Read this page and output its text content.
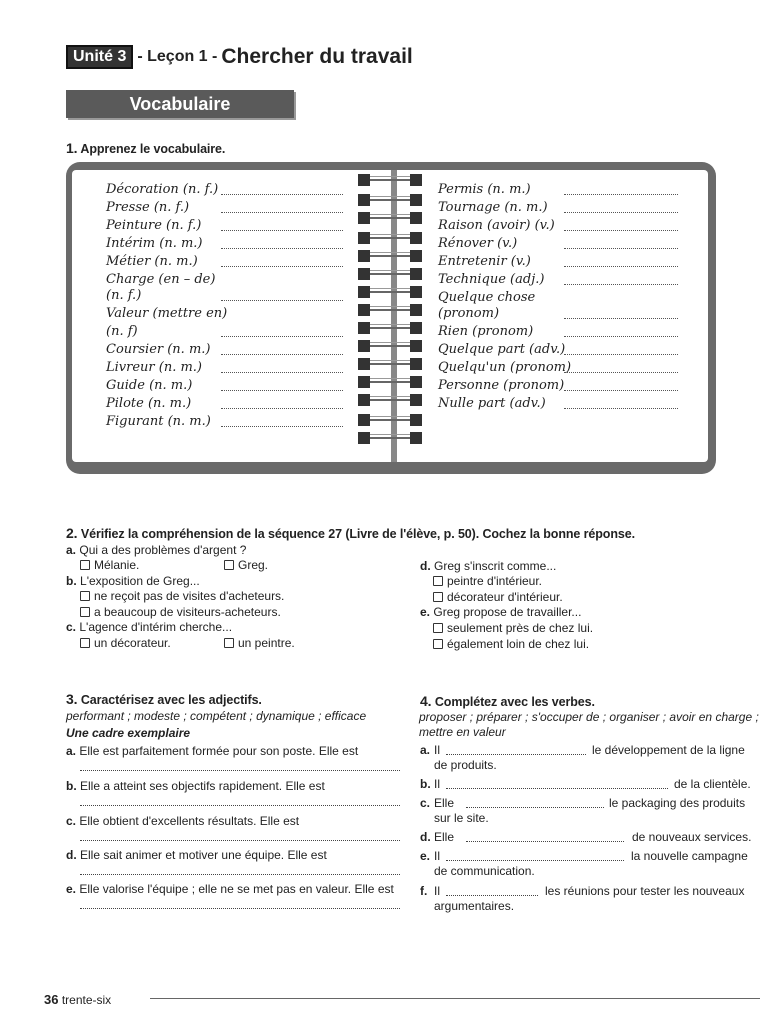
Unité 3 - Leçon 1 - Chercher du travail
Vocabulaire
1. Apprenez le vocabulaire.
Décoration (n. f.)
Presse (n. f.)
Peinture (n. f.)
Intérim (n. m.)
Métier (n. m.)
Charge (en – de)
(n. f.)
Valeur (mettre en)
(n. f)
Coursier (n. m.)
Livreur (n. m.)
Guide (n. m.)
Pilote (n. m.)
Figurant (n. m.)
Permis (n. m.)
Tournage (n. m.)
Raison (avoir) (v.)
Rénover (v.)
Entretenir (v.)
Technique (adj.)
Quelque chose
(pronom)
Rien (pronom)
Quelque part (adv.)
Quelqu'un (pronom)
Personne (pronom)
Nulle part (adv.)
2. Vérifiez la compréhension de la séquence 27 (Livre de l'élève, p. 50). Cochez la bonne réponse.
a. Qui a des problèmes d'argent ?
Mélanie.	Greg.
b. L'exposition de Greg...
ne reçoit pas de visites d'acheteurs.
a beaucoup de visiteurs-acheteurs.
c. L'agence d'intérim cherche...
un décorateur.	un peintre.
d. Greg s'inscrit comme...
peintre d'intérieur.
décorateur d'intérieur.
e. Greg propose de travailler...
seulement près de chez lui.
également loin de chez lui.
3. Caractérisez avec les adjectifs.
performant ; modeste ; compétent ; dynamique ; efficace
Une cadre exemplaire
a. Elle est parfaitement formée pour son poste. Elle est
b. Elle a atteint ses objectifs rapidement. Elle est
c. Elle obtient d'excellents résultats. Elle est
d. Elle sait animer et motiver une équipe. Elle est
e. Elle valorise l'équipe ; elle ne se met pas en valeur. Elle est
4. Complétez avec les verbes.
proposer ; préparer ; s'occuper de ; organiser ; avoir en charge ;
mettre en valeur
a. Il	le développement de la ligne
de produits.
b. Il	de la clientèle.
c. Elle	le packaging des produits
sur le site.
d. Elle	de nouveaux services.
e. Il	la nouvelle campagne
de communication.
f. Il	les réunions pour tester les nouveaux
argumentaires.
36 trente-six
